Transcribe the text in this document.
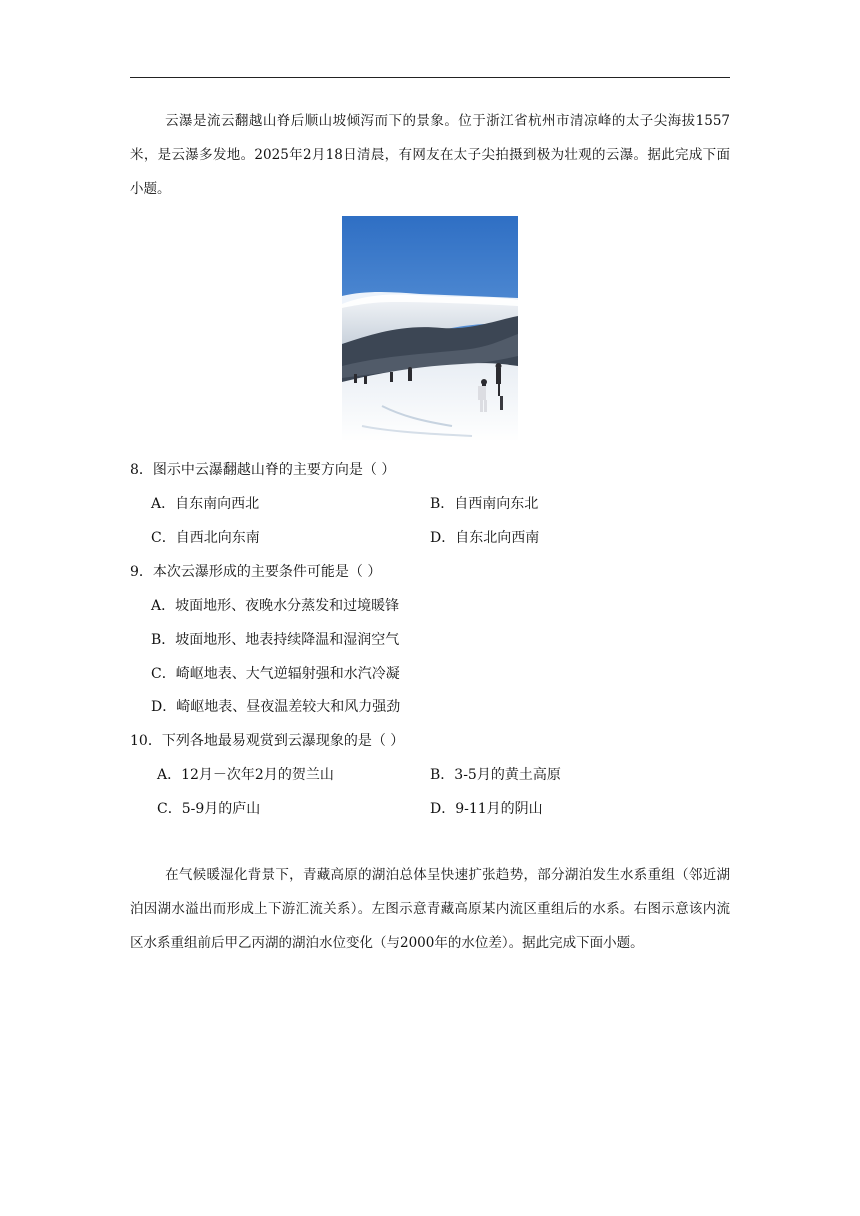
云瀑是流云翻越山脊后顺山坡倾泻而下的景象。位于浙江省杭州市清凉峰的太子尖海拔1557米，是云瀑多发地。2025年2月18日清晨，有网友在太子尖拍摄到极为壮观的云瀑。据此完成下面小题。

8．图示中云瀑翻越山脊的主要方向是（ ）

A．自东南向西北	B．自西南向东北

C．自西北向东南	D．自东北向西南

9．本次云瀑形成的主要条件可能是（ ）

A．坡面地形、夜晚水分蒸发和过境暖锋

B．坡面地形、地表持续降温和湿润空气

C．崎岖地表、大气逆辐射强和水汽冷凝

D．崎岖地表、昼夜温差较大和风力强劲

10．下列各地最易观赏到云瀑现象的是（ ）

A．12月－次年2月的贺兰山	B．3-5月的黄土高原

C．5-9月的庐山	D．9-11月的阴山

在气候暖湿化背景下，青藏高原的湖泊总体呈快速扩张趋势，部分湖泊发生水系重组（邻近湖泊因湖水溢出而形成上下游汇流关系）。左图示意青藏高原某内流区重组后的水系。右图示意该内流区水系重组前后甲乙丙湖的湖泊水位变化（与2000年的水位差）。据此完成下面小题。
